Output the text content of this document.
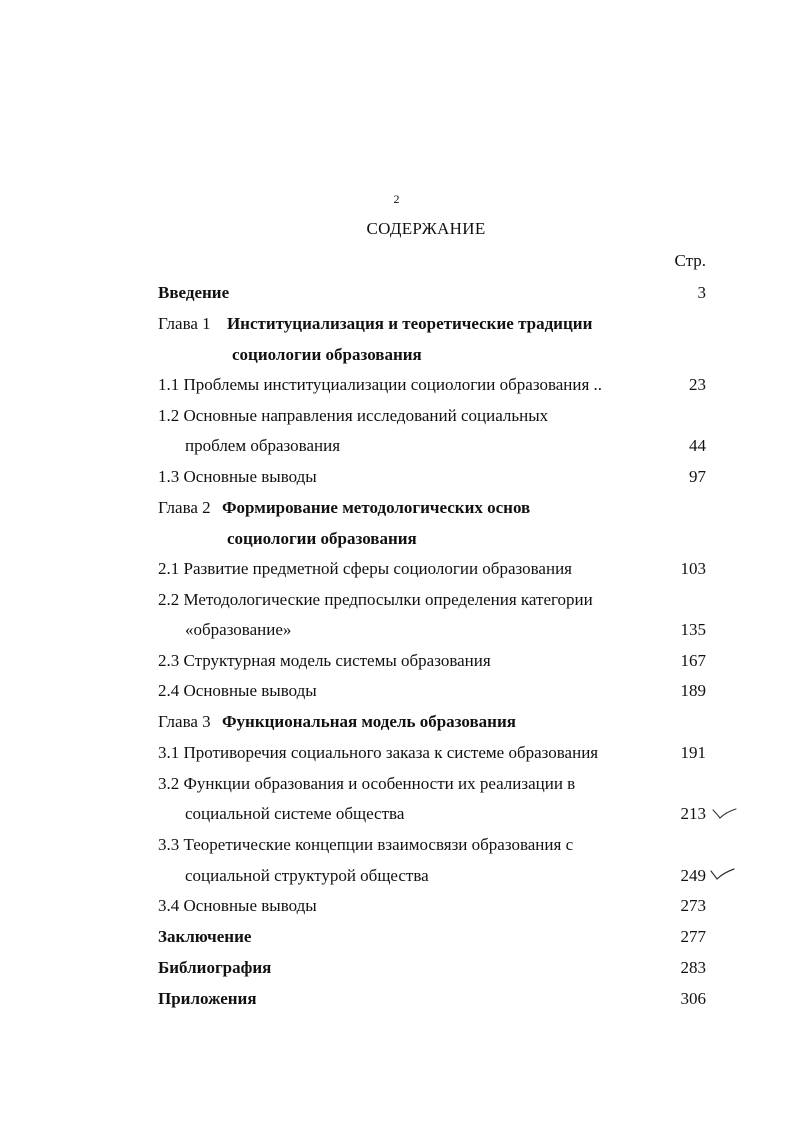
2
СОДЕРЖАНИЕ
Стр.
Введение	3
Глава 1 Институциализация и теоретические традиции
социологии образования
1.1 Проблемы институциализации социологии образования ..	23
1.2 Основные направления исследований социальных
проблем образования	44
1.3 Основные выводы	97
Глава 2 Формирование методологических основ
социологии образования
2.1 Развитие предметной сферы социологии образования	103
2.2 Методологические предпосылки определения категории
«образование»	135
2.3 Структурная модель системы образования	167
2.4 Основные выводы	189
Глава 3 Функциональная модель образования
3.1 Противоречия социального заказа к системе образования	191
3.2 Функции образования и особенности их реализации в
социальной системе общества	213
3.3 Теоретические концепции взаимосвязи образования с
социальной структурой общества	249
3.4 Основные выводы	273
Заключение	277
Библиография	283
Приложения	306
